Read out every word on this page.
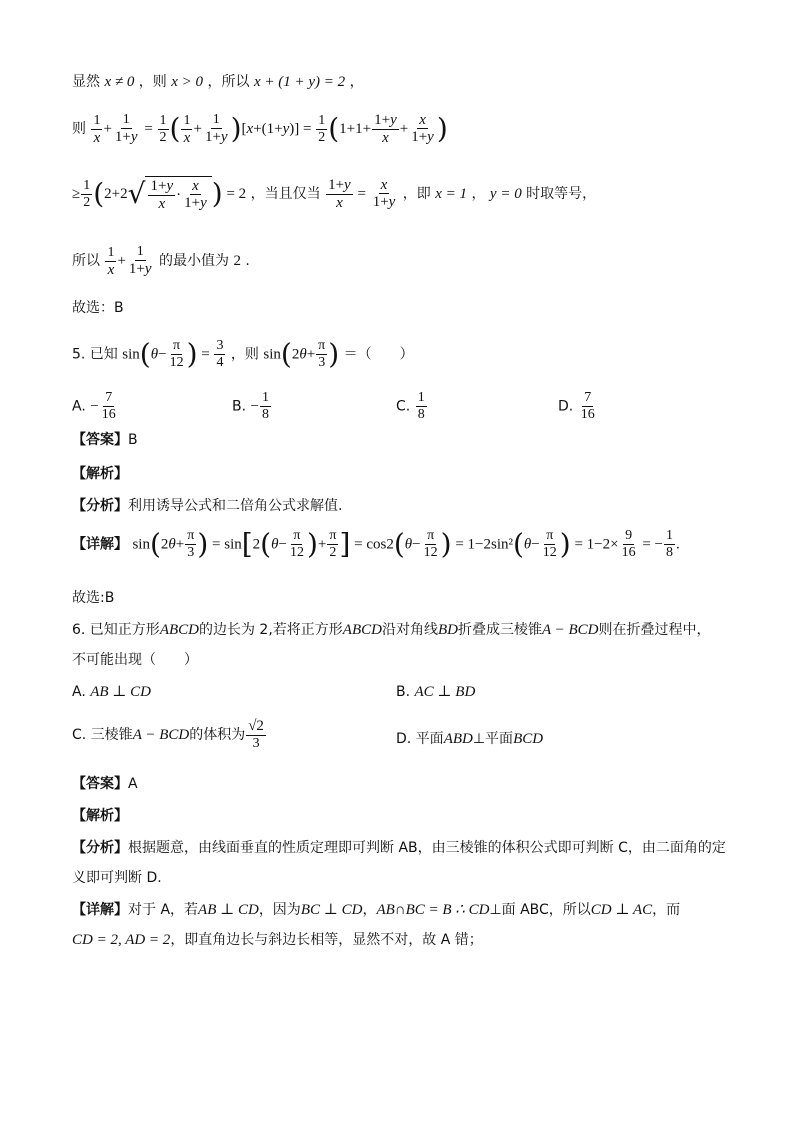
显然 x ≠ 0 ，则 x > 0 ，所以 x + (1 + y) = 2 ，
则 $\frac{1}{x} + \frac{1}{1+y} = \frac{1}{2}$ ( $\frac{1}{x} + \frac{1}{1+y} )[x+(1+y)] = \frac{1}{2} (1+1+ \frac{1+y}{x} + \frac{x}{1+y}$ )
≥ $\frac{1}{2} (2+2$ √ $\frac{1+y}{x} \cdot \frac{x}{1+y}$ ) = 2 ，当且仅当 $\frac{1+y}{x} = \frac{x}{1+y}$ ，即 x = 1 ， y = 0 时取等号，
所以 $\frac{1}{x} + \frac{1}{1+y}$ 的最小值为 2 .
故选：B
5. 已知 $\sin(\theta- \frac{\pi}{12}$ ) = $\frac{3}{4}$ ，则 $\sin(2\theta+ \frac{\pi}{3}$ ) ＝（　　）
A. − $\frac{7}{16}$	B. − $\frac{1}{8}$	C. $\frac{1}{8}$	D. $\frac{7}{16}$
【答案】B
【解析】
【分析】利用诱导公式和二倍角公式求解值.
【详解】 $\sin(2\theta+ \frac{\pi}{3}$ ) = $\sin[2(\theta- \frac{\pi}{12}$ )+ $\frac{\pi}{2}$ ] = $\cos 2(\theta- \frac{\pi}{12}$ ) = $1-2\sin^2(\theta- \frac{\pi}{12}$ ) = $1-2\times \frac{9}{16}$ = − $\frac{1}{8}$ .
故选:B
6. 已知正方形ABCD的边长为 2,若将正方形ABCD沿对角线BD折叠成三棱锥A − BCD则在折叠过程中，
不可能出现（　　）
A. AB ⊥ CD	B. AC ⊥ BD
C. 三棱锥A − BCD的体积为 $\frac{√2}{3}$	D. 平面ABD⊥平面BCD
【答案】A
【解析】
【分析】根据题意，由线面垂直的性质定理即可判断 AB，由三棱锥的体积公式即可判断 C，由二面角的定
义即可判断 D.
【详解】对于 A，若AB ⊥ CD，因为BC ⊥ CD，AB∩BC = B ∴ CD⊥面 ABC，所以CD ⊥ AC，而
CD = 2, AD = 2，即直角边长与斜边长相等，显然不对，故 A 错；
